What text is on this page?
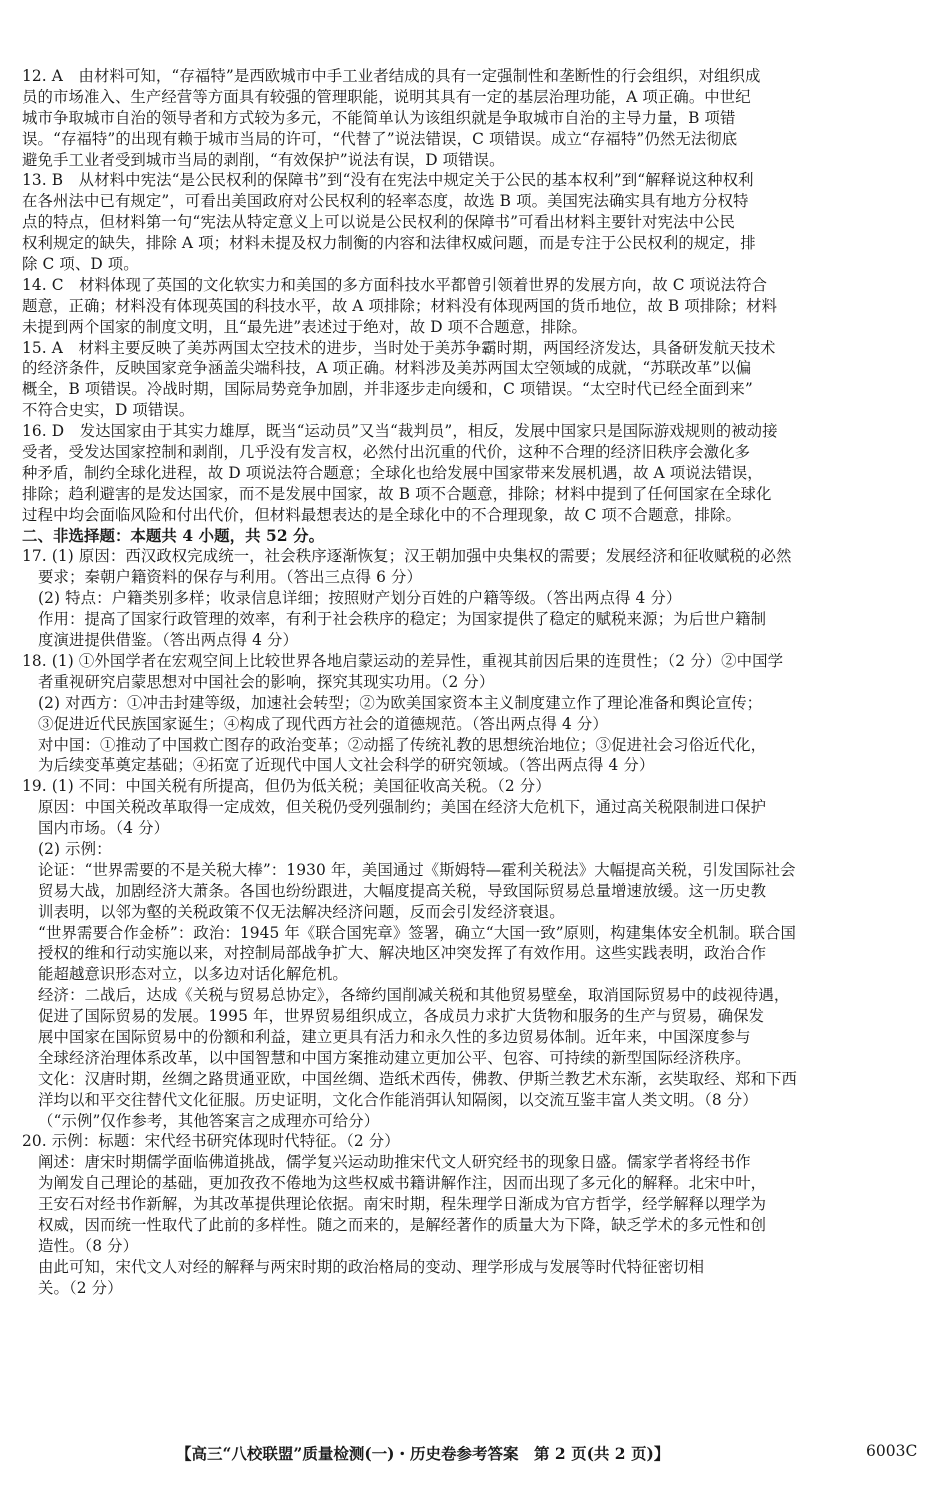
12. A　由材料可知，“存福特”是西欧城市中手工业者结成的具有一定强制性和垄断性的行会组织，对组织成
员的市场准入、生产经营等方面具有较强的管理职能，说明其具有一定的基层治理功能，A 项正确。中世纪
城市争取城市自治的领导者和方式较为多元，不能简单认为该组织就是争取城市自治的主导力量，B 项错
误。“存福特”的出现有赖于城市当局的许可，“代替了”说法错误，C 项错误。成立“存福特”仍然无法彻底
避免手工业者受到城市当局的剥削，“有效保护”说法有误，D 项错误。
13. B　从材料中宪法“是公民权利的保障书”到“没有在宪法中规定关于公民的基本权利”到“解释说这种权利
在各州法中已有规定”，可看出美国政府对公民权利的轻率态度，故选 B 项。美国宪法确实具有地方分权特
点的特点，但材料第一句“宪法从特定意义上可以说是公民权利的保障书”可看出材料主要针对宪法中公民
权利规定的缺失，排除 A 项；材料未提及权力制衡的内容和法律权威问题，而是专注于公民权利的规定，排
除 C 项、D 项。
14. C　材料体现了英国的文化软实力和美国的多方面科技水平都曾引领着世界的发展方向，故 C 项说法符合
题意，正确；材料没有体现英国的科技水平，故 A 项排除；材料没有体现两国的货币地位，故 B 项排除；材料
未提到两个国家的制度文明，且“最先进”表述过于绝对，故 D 项不合题意，排除。
15. A　材料主要反映了美苏两国太空技术的进步，当时处于美苏争霸时期，两国经济发达，具备研发航天技术
的经济条件，反映国家竞争涵盖尖端科技，A 项正确。材料涉及美苏两国太空领域的成就，“苏联改革”以偏
概全，B 项错误。冷战时期，国际局势竞争加剧，并非逐步走向缓和，C 项错误。“太空时代已经全面到来”
不符合史实，D 项错误。
16. D　发达国家由于其实力雄厚，既当“运动员”又当“裁判员”，相反，发展中国家只是国际游戏规则的被动接
受者，受发达国家控制和剥削，几乎没有发言权，必然付出沉重的代价，这种不合理的经济旧秩序会激化多
种矛盾，制约全球化进程，故 D 项说法符合题意；全球化也给发展中国家带来发展机遇，故 A 项说法错误，
排除；趋利避害的是发达国家，而不是发展中国家，故 B 项不合题意，排除；材料中提到了任何国家在全球化
过程中均会面临风险和付出代价，但材料最想表达的是全球化中的不合理现象，故 C 项不合题意，排除。
二、非选择题：本题共 4 小题，共 52 分。
17. (1) 原因：西汉政权完成统一，社会秩序逐渐恢复；汉王朝加强中央集权的需要；发展经济和征收赋税的必然
要求；秦朝户籍资料的保存与利用。（答出三点得 6 分）
(2) 特点：户籍类别多样；收录信息详细；按照财产划分百姓的户籍等级。（答出两点得 4 分）
作用：提高了国家行政管理的效率，有利于社会秩序的稳定；为国家提供了稳定的赋税来源；为后世户籍制
度演进提供借鉴。（答出两点得 4 分）
18. (1) ①外国学者在宏观空间上比较世界各地启蒙运动的差异性，重视其前因后果的连贯性；（2 分）②中国学
者重视研究启蒙思想对中国社会的影响，探究其现实功用。（2 分）
(2) 对西方：①冲击封建等级，加速社会转型；②为欧美国家资本主义制度建立作了理论准备和舆论宣传；
③促进近代民族国家诞生；④构成了现代西方社会的道德规范。（答出两点得 4 分）
对中国：①推动了中国救亡图存的政治变革；②动摇了传统礼教的思想统治地位；③促进社会习俗近代化，
为后续变革奠定基础；④拓宽了近现代中国人文社会科学的研究领域。（答出两点得 4 分）
19. (1) 不同：中国关税有所提高，但仍为低关税；美国征收高关税。（2 分）
原因：中国关税改革取得一定成效，但关税仍受列强制约；美国在经济大危机下，通过高关税限制进口保护
国内市场。（4 分）
(2) 示例：
论证：“世界需要的不是关税大棒”：1930 年，美国通过《斯姆特—霍利关税法》大幅提高关税，引发国际社会
贸易大战，加剧经济大萧条。各国也纷纷跟进，大幅度提高关税，导致国际贸易总量增速放缓。这一历史教
训表明，以邻为壑的关税政策不仅无法解决经济问题，反而会引发经济衰退。
“世界需要合作金桥”：政治：1945 年《联合国宪章》签署，确立“大国一致”原则，构建集体安全机制。联合国
授权的维和行动实施以来，对控制局部战争扩大、解决地区冲突发挥了有效作用。这些实践表明，政治合作
能超越意识形态对立，以多边对话化解危机。
经济：二战后，达成《关税与贸易总协定》，各缔约国削减关税和其他贸易壁垒，取消国际贸易中的歧视待遇，
促进了国际贸易的发展。1995 年，世界贸易组织成立，各成员力求扩大货物和服务的生产与贸易，确保发
展中国家在国际贸易中的份额和利益，建立更具有活力和永久性的多边贸易体制。近年来，中国深度参与
全球经济治理体系改革，以中国智慧和中国方案推动建立更加公平、包容、可持续的新型国际经济秩序。
文化：汉唐时期，丝绸之路贯通亚欧，中国丝绸、造纸术西传，佛教、伊斯兰教艺术东渐，玄奘取经、郑和下西
洋均以和平交往替代文化征服。历史证明，文化合作能消弭认知隔阂，以交流互鉴丰富人类文明。（8 分）
（“示例”仅作参考，其他答案言之成理亦可给分）
20. 示例：标题：宋代经书研究体现时代特征。（2 分）
阐述：唐宋时期儒学面临佛道挑战，儒学复兴运动助推宋代文人研究经书的现象日盛。儒家学者将经书作
为阐发自己理论的基础，更加孜孜不倦地为这些权威书籍讲解作注，因而出现了多元化的解释。北宋中叶，
王安石对经书作新解，为其改革提供理论依据。南宋时期，程朱理学日渐成为官方哲学，经学解释以理学为
权威，因而统一性取代了此前的多样性。随之而来的，是解经著作的质量大为下降，缺乏学术的多元性和创
造性。（8 分）
由此可知，宋代文人对经的解释与两宋时期的政治格局的变动、理学形成与发展等时代特征密切相
关。（2 分）
【高三“八校联盟”质量检测(一)・历史卷参考答案　第 2 页(共 2 页)】	6003C
